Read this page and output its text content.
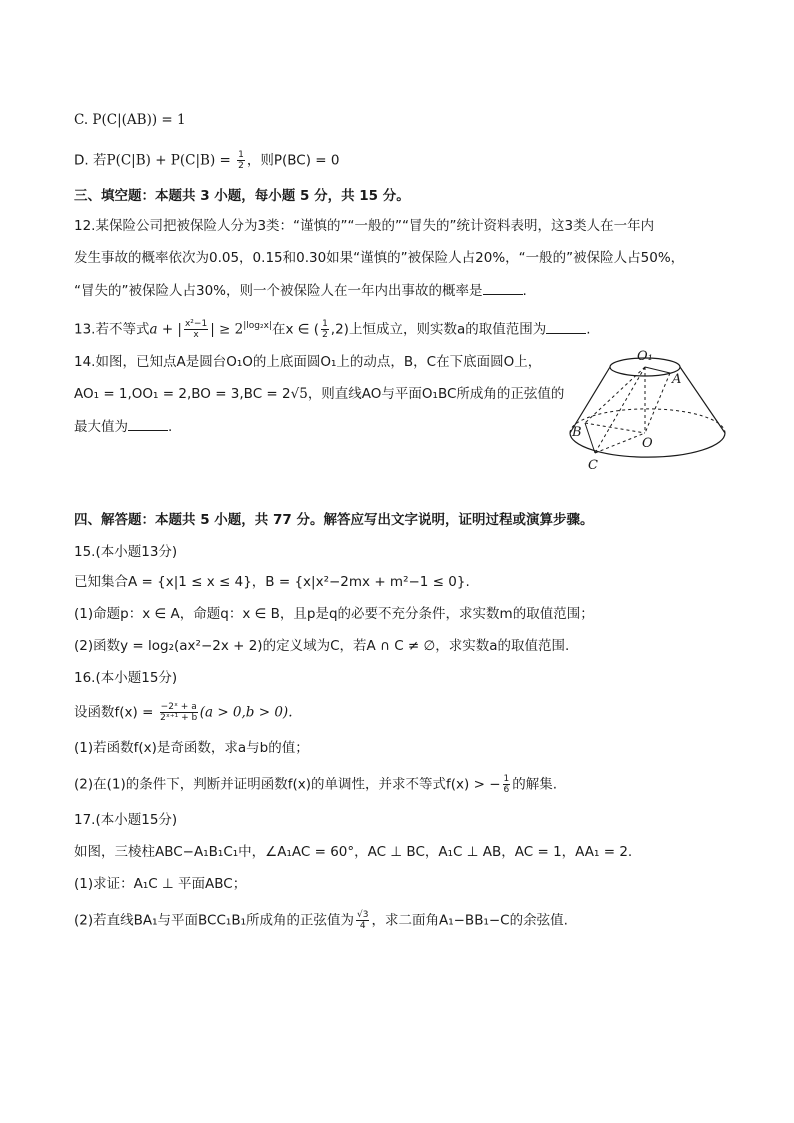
C. P(C|(AB)) = 1
D. 若$P(C|B) + P(C|B) = \frac{1}{2}$ ，则P(BC) = 0
三、填空题：本题共 3 小题，每小题 5 分，共 15 分。
12.某保险公司把被保险人分为3类：“谨慎的”“一般的”“冒失的”统计资料表明，这3类人在一年内
发生事故的概率依次为0.05，0.15和0.30如果“谨慎的”被保险人占20%，“一般的”被保险人占50%，
“冒失的”被保险人占30%，则一个被保险人在一年内出事故的概率是	.
13.若不等式a + | $\frac{\text{x²−1}}{x}$ | ≥ $2^{|log_2x|}$在x ∈ ( $\frac{1}{2} ,2$)上恒成立，则实数a的取值范围为	.
14.如图，已知点A是圆台O₁O的上底面圆O₁上的动点，B，C在下底面圆O上，
AO₁ = 1,OO₁ = 2,BO = 3,BC = 2√5，则直线AO与平面O₁BC所成角的正弦值的
最大值为	.
O₁
A
B
O
C
四、解答题：本题共 5 小题，共 77 分。解答应写出文字说明，证明过程或演算步骤。
15.(本小题13分)
已知集合A = {x|1 ≤ x ≤ 4}，B = {x|x²−2mx + m²−1 ≤ 0}.
(1)命题p：x ∈ A，命题q：x ∈ B，且p是q的必要不充分条件，求实数m的取值范围；
(2)函数y = log₂(ax²−2x + 2)的定义域为C，若A ∩ C ≠ ∅，求实数a的取值范围.
16.(本小题15分)
设函数$f(x) = \frac{\text{−2ˣ + a}}{\text{2ˣ⁺¹ + b}} (a > 0,b > 0)$.
(1)若函数f(x)是奇函数，求a与b的值；
(2)在(1)的条件下，判断并证明函数f(x)的单调性，并求不等式f(x) > − $\frac{1}{6}$ 的解集.
17.(本小题15分)
如图，三棱柱ABC−A₁B₁C₁中，∠A₁AC = 60°，AC ⊥ BC，A₁C ⊥ AB，AC = 1，AA₁ = 2.
(1)求证：A₁C ⊥ 平面ABC；
(2)若直线BA₁与平面BCC₁B₁所成角的正弦值为 $\frac{√3}{4}$ ，求二面角A₁−BB₁−C的余弦值.
